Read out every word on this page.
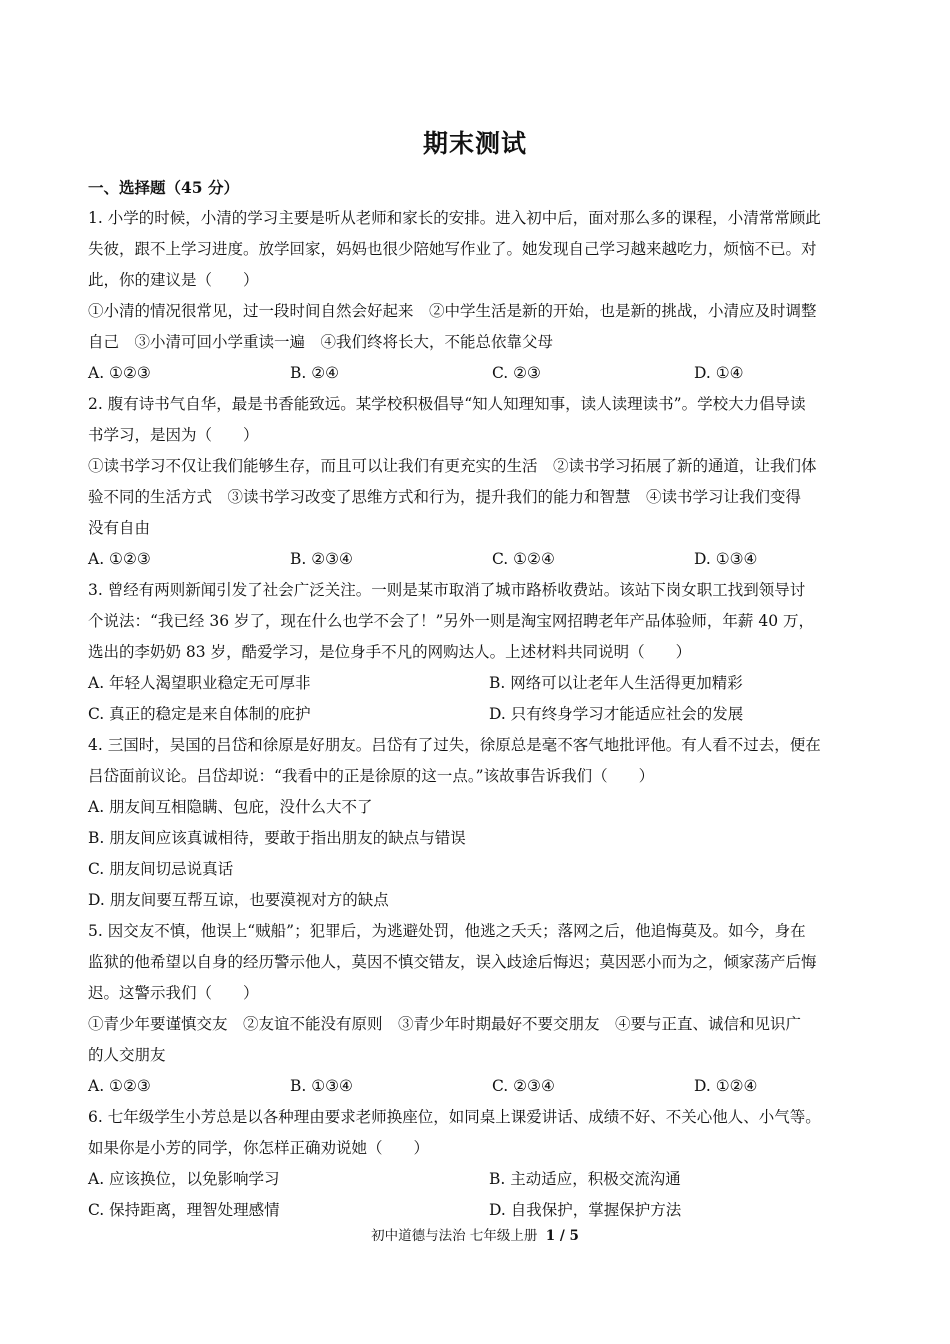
期末测试
一、选择题（45 分）
1. 小学的时候，小清的学习主要是听从老师和家长的安排。进入初中后，面对那么多的课程，小清常常顾此
失彼，跟不上学习进度。放学回家，妈妈也很少陪她写作业了。她发现自己学习越来越吃力，烦恼不已。对
此，你的建议是（　　）
①小清的情况很常见，过一段时间自然会好起来　②中学生活是新的开始，也是新的挑战，小清应及时调整
自己　③小清可回小学重读一遍　④我们终将长大，不能总依靠父母
A. ①②③	B. ②④	C. ②③	D. ①④
2. 腹有诗书气自华，最是书香能致远。某学校积极倡导“知人知理知事，读人读理读书”。学校大力倡导读
书学习，是因为（　　）
①读书学习不仅让我们能够生存，而且可以让我们有更充实的生活　②读书学习拓展了新的通道，让我们体
验不同的生活方式　③读书学习改变了思维方式和行为，提升我们的能力和智慧　④读书学习让我们变得
没有自由
A. ①②③	B. ②③④	C. ①②④	D. ①③④
3. 曾经有两则新闻引发了社会广泛关注。一则是某市取消了城市路桥收费站。该站下岗女职工找到领导讨
个说法：“我已经 36 岁了，现在什么也学不会了！”另外一则是淘宝网招聘老年产品体验师，年薪 40 万，
选出的李奶奶 83 岁，酷爱学习，是位身手不凡的网购达人。上述材料共同说明（　　）
A. 年轻人渴望职业稳定无可厚非	B. 网络可以让老年人生活得更加精彩
C. 真正的稳定是来自体制的庇护	D. 只有终身学习才能适应社会的发展
4. 三国时，吴国的吕岱和徐原是好朋友。吕岱有了过失，徐原总是毫不客气地批评他。有人看不过去，便在
吕岱面前议论。吕岱却说：“我看中的正是徐原的这一点。”该故事告诉我们（　　）
A. 朋友间互相隐瞒、包庇，没什么大不了
B. 朋友间应该真诚相待，要敢于指出朋友的缺点与错误
C. 朋友间切忌说真话
D. 朋友间要互帮互谅，也要漠视对方的缺点
5. 因交友不慎，他误上“贼船”；犯罪后，为逃避处罚，他逃之夭夭；落网之后，他追悔莫及。如今，身在
监狱的他希望以自身的经历警示他人，莫因不慎交错友，误入歧途后悔迟；莫因恶小而为之，倾家荡产后悔
迟。这警示我们（　　）
①青少年要谨慎交友　②友谊不能没有原则　③青少年时期最好不要交朋友　④要与正直、诚信和见识广
的人交朋友
A. ①②③	B. ①③④	C. ②③④	D. ①②④
6. 七年级学生小芳总是以各种理由要求老师换座位，如同桌上课爱讲话、成绩不好、不关心他人、小气等。
如果你是小芳的同学，你怎样正确劝说她（　　）
A. 应该换位，以免影响学习	B. 主动适应，积极交流沟通
C. 保持距离，理智处理感情	D. 自我保护，掌握保护方法
初中道德与法治 七年级上册 1 / 5
